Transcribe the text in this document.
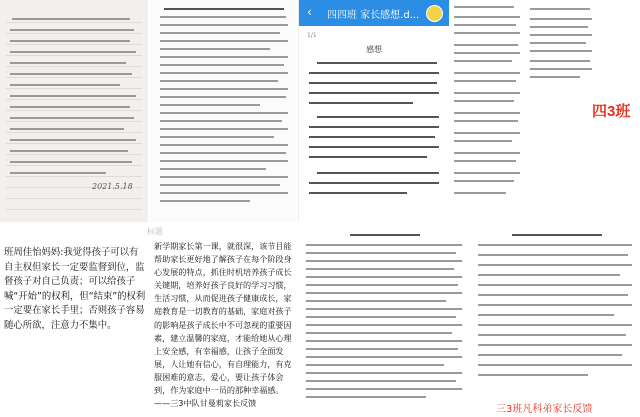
2021.5.18
‹ 四四班 家长感想.d...
1/1
感想
四3班
班周佳怡妈妈:我觉得孩子可以有自主权但家长一定要监督到位，监督孩子对自己负责；可以给孩子喊“开始”的权利，但“结束”的权利一定要在家长手里；否则孩子容易随心所欲，注意力不集中。
标题
新学期家长第一课，就很深，该节目能帮助家长更好地了解孩子在每个阶段身心发展的特点，抓住时机培养孩子成长关键期，培养好孩子良好的学习习惯，生活习惯，从而促进孩子健康成长，家庭教育是一切教育的基础，家庭对孩子的影响是孩子成长中不可忽视的重要因素，建立温馨的家庭，才能给她从心理上安全感，有幸福感，让孩子全面发展，人让她有信心，有自理能力，有克服困难的意志，爱心，要让孩子体会到，作为家庭中一员的那种幸福感。——三3中队甘曼莉家长反馈
三3班凡科弟家长反馈
